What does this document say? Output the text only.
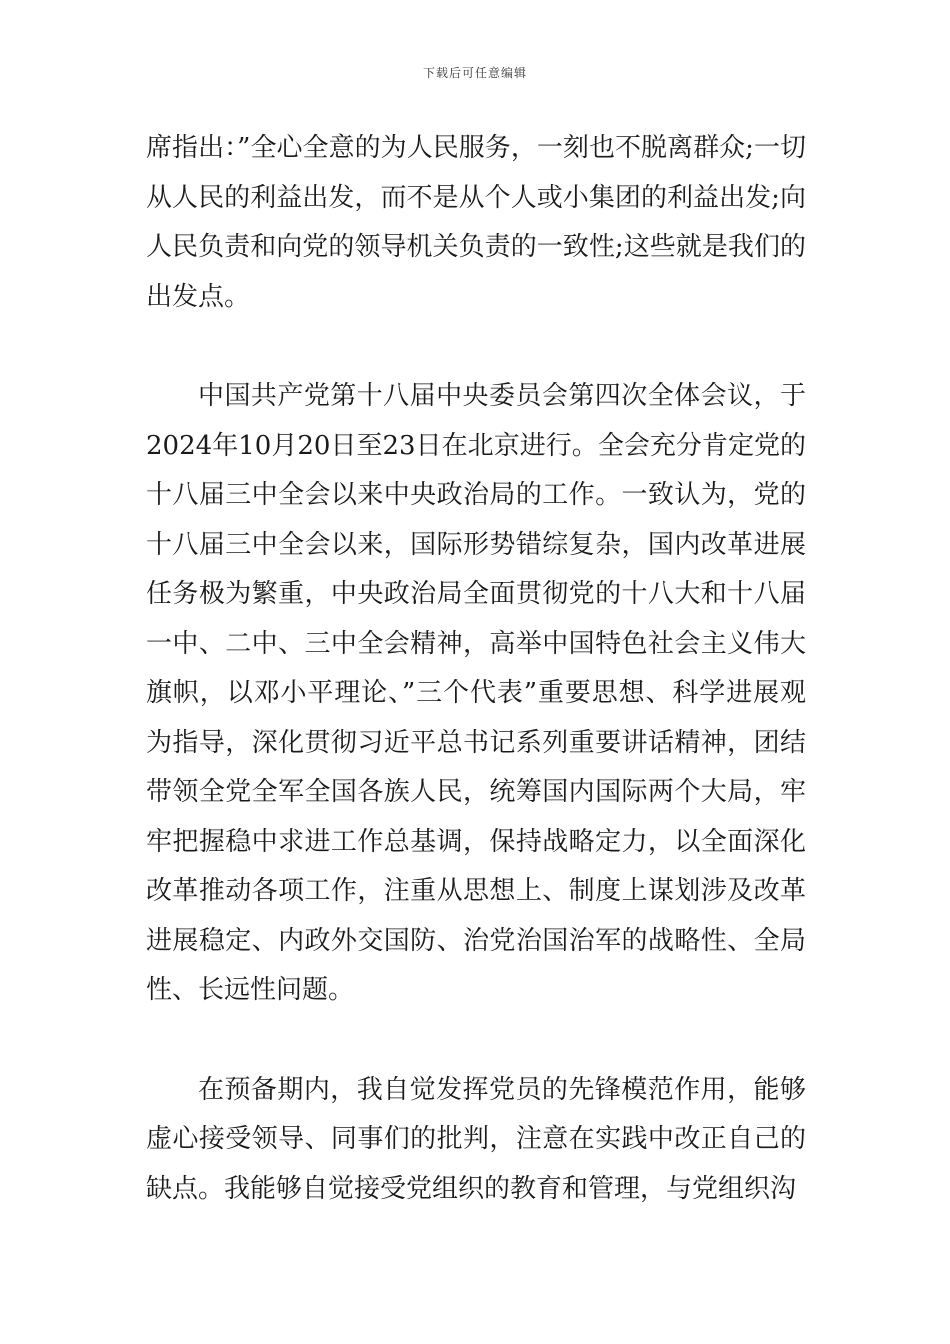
下载后可任意编辑

席指出：”全心全意的为人民服务，一刻也不脱离群众;一切从人民的利益出发，而不是从个人或小集团的利益出发;向人民负责和向党的领导机关负责的一致性;这些就是我们的出发点。

中国共产党第十八届中央委员会第四次全体会议，于2024年10月20日至23日在北京进行。全会充分肯定党的十八届三中全会以来中央政治局的工作。一致认为，党的十八届三中全会以来，国际形势错综复杂，国内改革进展任务极为繁重，中央政治局全面贯彻党的十八大和十八届一中、二中、三中全会精神，高举中国特色社会主义伟大旗帜，以邓小平理论、”三个代表”重要思想、科学进展观为指导，深化贯彻习近平总书记系列重要讲话精神，团结带领全党全军全国各族人民，统筹国内国际两个大局，牢牢把握稳中求进工作总基调，保持战略定力，以全面深化改革推动各项工作，注重从思想上、制度上谋划涉及改革进展稳定、内政外交国防、治党治国治军的战略性、全局性、长远性问题。

在预备期内，我自觉发挥党员的先锋模范作用，能够虚心接受领导、同事们的批判，注意在实践中改正自己的缺点。我能够自觉接受党组织的教育和管理，与党组织沟
